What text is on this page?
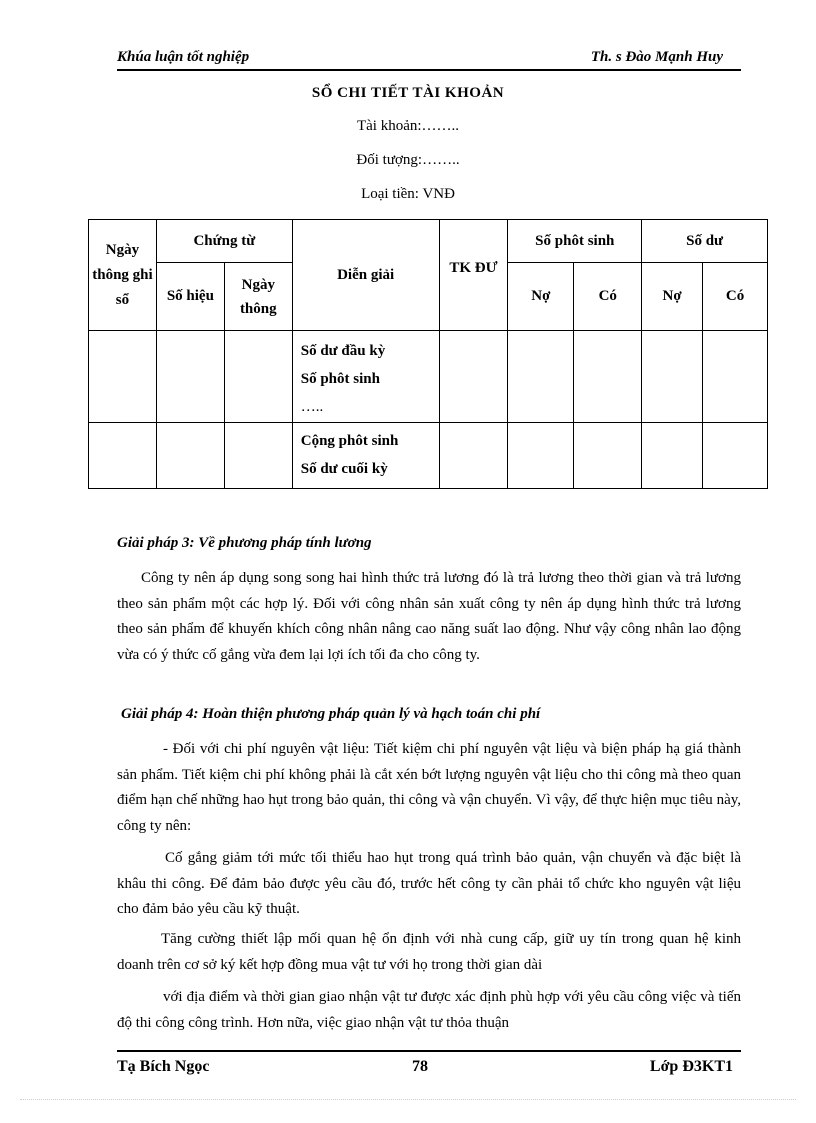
Khúa luận tốt nghiệp	Th. s Đào Mạnh Huy
SỔ CHI TIẾT TÀI KHOẢN
Tài khoản:……..
Đối tượng:……..
Loại tiền: VNĐ
Ngày thông ghi sổ	Chứng từ		Diễn giải	TK ĐƯ	Số phôt sinh		Số dư	
	Số hiệu	Ngày thông			Nợ	Có	Nợ	Có

			Số dư đầu kỳ
Số phôt sinh
…..					

			Cộng phôt sinh
Số dư cuối kỳ					

Giải pháp 3: Về phương pháp tính lương
Công ty nên áp dụng song song hai hình thức trả lương đó là trả lương theo thời gian và trả lương theo sản phẩm một các hợp lý. Đối với công nhân sản xuất công ty nên áp dụng hình thức trả lương theo sản phẩm để khuyến khích công nhân nâng cao năng suất lao động. Như vậy công nhân lao động vừa có ý thức cố gắng vừa đem lại lợi ích tối đa cho công ty.
Giải pháp 4: Hoàn thiện phương pháp quản lý và hạch toán chi phí
- Đối với chi phí nguyên vật liệu: Tiết kiệm chi phí nguyên vật liệu và biện pháp hạ giá thành sản phẩm. Tiết kiệm chi phí không phải là cắt xén bớt lượng nguyên vật liệu cho thi công mà theo quan điểm hạn chế những hao hụt trong bảo quản, thi công và vận chuyển. Vì vậy, để thực hiện mục tiêu này, công ty nên:
Cố gắng giảm tới mức tối thiểu hao hụt trong quá trình bảo quản, vận chuyển và đặc biệt là khâu thi công. Để đảm bảo được yêu cầu đó, trước hết công ty cần phải tổ chức kho nguyên vật liệu cho đảm bảo yêu cầu kỹ thuật.
Tăng cường thiết lập mối quan hệ ổn định với nhà cung cấp, giữ uy tín trong quan hệ kinh doanh trên cơ sở ký kết hợp đồng mua vật tư với họ trong thời gian dài
với địa điểm và thời gian giao nhận vật tư được xác định phù hợp với yêu cầu công việc và tiến độ thi công công trình. Hơn nữa, việc giao nhận vật tư thỏa thuận
Tạ Bích Ngọc	78	Lớp Đ3KT1
